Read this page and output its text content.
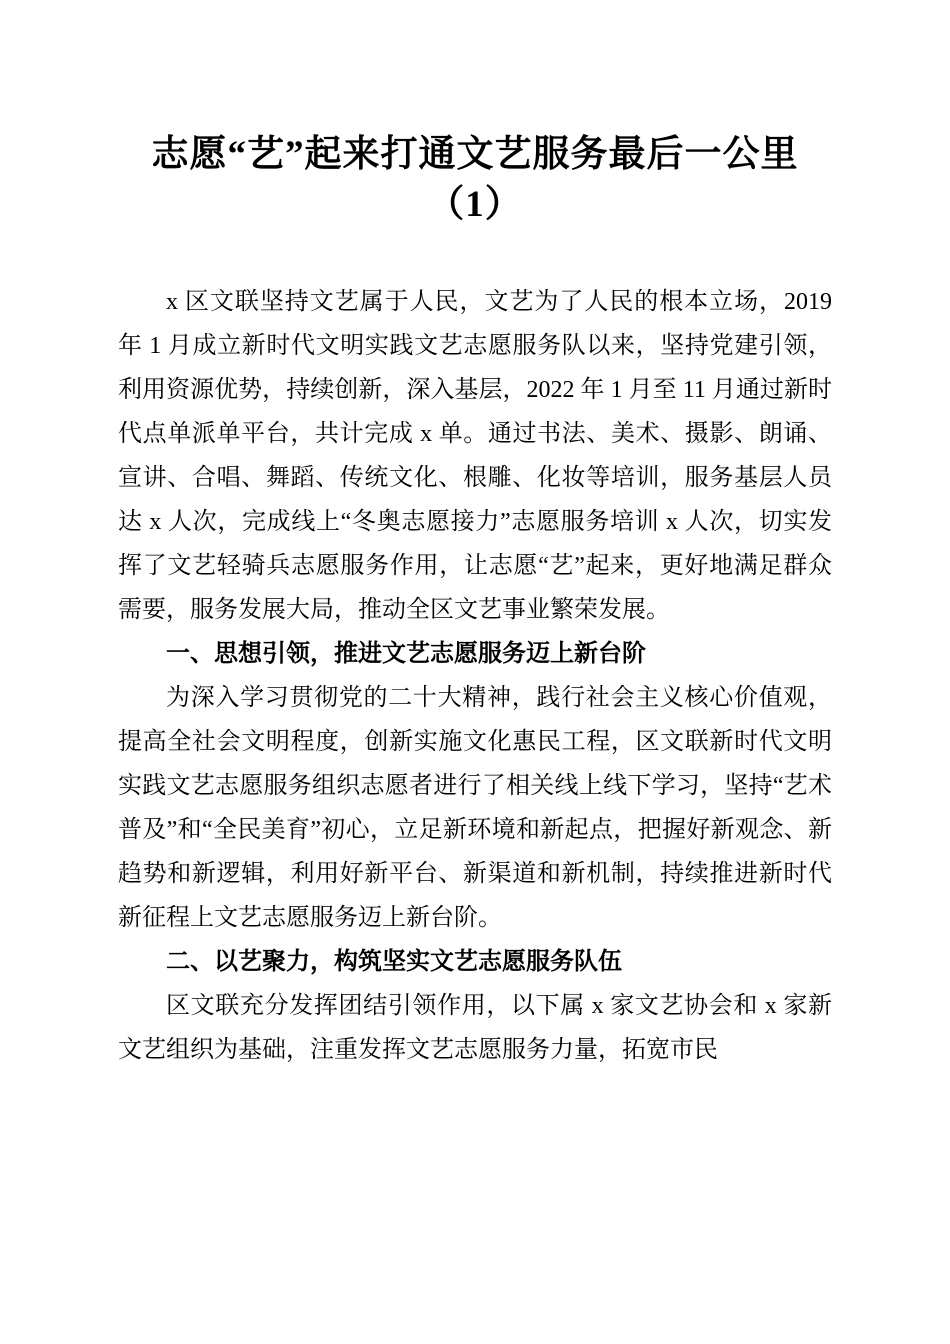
志愿“艺”起来打通文艺服务最后一公里
（1）

x 区文联坚持文艺属于人民，文艺为了人民的根本立场，2019 年 1 月成立新时代文明实践文艺志愿服务队以来，坚持党建引领，利用资源优势，持续创新，深入基层，2022 年 1 月至 11 月通过新时代点单派单平台，共计完成 x 单。通过书法、美术、摄影、朗诵、宣讲、合唱、舞蹈、传统文化、根雕、化妆等培训，服务基层人员达 x 人次，完成线上“冬奥志愿接力”志愿服务培训 x 人次，切实发挥了文艺轻骑兵志愿服务作用，让志愿“艺”起来，更好地满足群众需要，服务发展大局，推动全区文艺事业繁荣发展。

一、思想引领，推进文艺志愿服务迈上新台阶

为深入学习贯彻党的二十大精神，践行社会主义核心价值观，提高全社会文明程度，创新实施文化惠民工程，区文联新时代文明实践文艺志愿服务组织志愿者进行了相关线上线下学习，坚持“艺术普及”和“全民美育”初心，立足新环境和新起点，把握好新观念、新趋势和新逻辑，利用好新平台、新渠道和新机制，持续推进新时代新征程上文艺志愿服务迈上新台阶。

二、以艺聚力，构筑坚实文艺志愿服务队伍

区文联充分发挥团结引领作用，以下属 x 家文艺协会和 x 家新文艺组织为基础，注重发挥文艺志愿服务力量，拓宽市民
